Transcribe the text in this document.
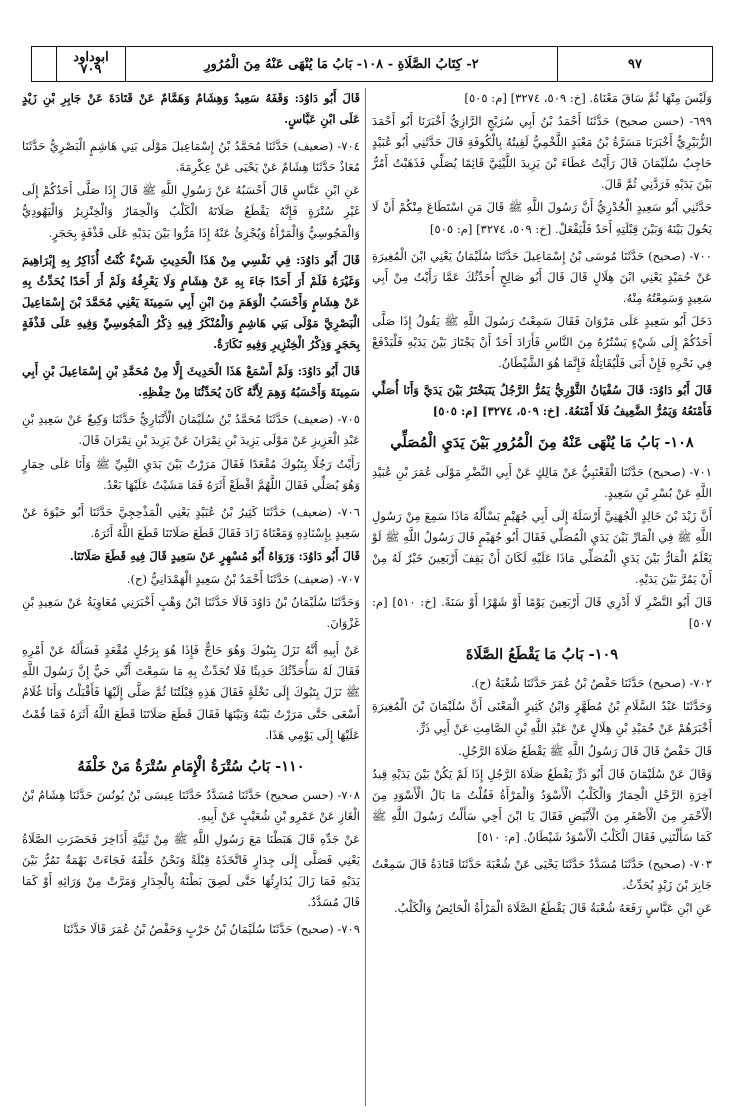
ابوداود
٧٠٩	٢- كِتَابُ الصَّلَاةِ - ١٠٨- بَابُ مَا يُنْهَى عَنْهُ مِنَ الْمُرُورِ	٩٧

وَلَيْسَ مِنْهَا ثُمَّ سَاقَ مَعْنَاهُ. [خ: ٥٠٩، ٣٢٧٤] [م: ٥٠٥]

٦٩٩- (حسن صحيح) حَدَّثَنَا أَحْمَدُ بْنُ أَبِي سُرَيْجٍ الرَّازِيُّ أَخْبَرَنَا أَبُو أَحْمَدَ الزُّبَيْرِيُّ أَخْبَرَنَا مَسَرَّةُ بْنُ مَعْبَدٍ اللَّخْمِيُّ لَقِيتُهُ بِالْكُوفَةِ قَالَ حَدَّثَنِي أَبُو عُبَيْدٍ حَاجِبُ سُلَيْمَانَ قَالَ رَأَيْتُ عَطَاءَ بْنَ يَزِيدَ اللَّيْثِيَّ قَائِمًا يُصَلِّي فَذَهَبْتُ أَمُرُّ بَيْنَ يَدَيْهِ فَرَدَّنِي ثُمَّ قَالَ.

حَدَّثَنِي أَبُو سَعِيدٍ الْخُدْرِيُّ أَنَّ رَسُولَ اللَّهِ ﷺ قَالَ مَنِ اسْتَطَاعَ مِنْكُمْ أَنْ لَا يَحُولَ بَيْنَهُ وَبَيْنَ قِبْلَتِهِ أَحَدٌ فَلْيَفْعَلْ. [خ: ٥٠٩، ٣٢٧٤] [م: ٥٠٥]

٧٠٠- (صحيح) حَدَّثَنَا مُوسَى بْنُ إِسْمَاعِيلَ حَدَّثَنَا سُلَيْمَانُ يَعْنِي ابْنَ الْمُغِيرَةِ عَنْ حُمَيْدٍ يَعْنِي ابْنَ هِلَالٍ قَالَ قَالَ أَبُو صَالِحٍ أُحَدِّثُكَ عَمَّا رَأَيْتُ مِنْ أَبِي سَعِيدٍ وَسَمِعْتُهُ مِنْهُ.

دَخَلَ أَبُو سَعِيدٍ عَلَى مَرْوَانَ فَقَالَ سَمِعْتُ رَسُولَ اللَّهِ ﷺ يَقُولُ إِذَا صَلَّى أَحَدُكُمْ إِلَى شَيْءٍ يَسْتُرُهُ مِنَ النَّاسِ فَأَرَادَ أَحَدٌ أَنْ يَجْتَازَ بَيْنَ يَدَيْهِ فَلْيَدْفَعْ فِي نَحْرِهِ فَإِنْ أَبَى فَلْيُقَاتِلْهُ فَإِنَّمَا هُوَ الشَّيْطَانُ.

قَالَ أَبُو دَاوُدَ: قَالَ سُفْيَانُ الثَّوْرِيُّ يَمُرُّ الرَّجُلُ يَتَبَخْتَرُ بَيْنَ يَدَيَّ وَأَنَا أُصَلِّي فَأَمْنَعُهُ وَيَمُرُّ الضَّعِيفُ فَلَا أَمْنَعُهُ. [خ: ٥٠٩، ٣٢٧٤] [م: ٥٠٥]

١٠٨- بَابُ مَا يُنْهَى عَنْهُ مِنَ الْمُرُورِ بَيْنَ يَدَيِ الْمُصَلِّي

٧٠١- (صحيح) حَدَّثَنَا الْقَعْنَبِيُّ عَنْ مَالِكٍ عَنْ أَبِي النَّضْرِ مَوْلَى عُمَرَ بْنِ عُبَيْدِ اللَّهِ عَنْ بُسْرِ بْنِ سَعِيدٍ.

أَنَّ زَيْدَ بْنَ خَالِدٍ الْجُهَنِيَّ أَرْسَلَهُ إِلَى أَبِي جُهَيْمٍ يَسْأَلُهُ مَاذَا سَمِعَ مِنْ رَسُولِ اللَّهِ ﷺ فِي الْمَارِّ بَيْنَ يَدَيِ الْمُصَلِّي فَقَالَ أَبُو جُهَيْمٍ قَالَ رَسُولُ اللَّهِ ﷺ لَوْ يَعْلَمُ الْمَارُّ بَيْنَ يَدَيِ الْمُصَلِّي مَاذَا عَلَيْهِ لَكَانَ أَنْ يَقِفَ أَرْبَعِينَ خَيْرٌ لَهُ مِنْ أَنْ يَمُرَّ بَيْنَ يَدَيْهِ.

قَالَ أَبُو النَّضْرِ لَا أَدْرِي قَالَ أَرْبَعِينَ يَوْمًا أَوْ شَهْرًا أَوْ سَنَةً. [خ: ٥١٠] [م: ٥٠٧]

١٠٩- بَابُ مَا يَقْطَعُ الصَّلَاةَ

٧٠٢- (صحيح) حَدَّثَنَا حَفْصُ بْنُ عُمَرَ حَدَّثَنَا شُعْبَةُ (ح).

وَحَدَّثَنَا عَبْدُ السَّلَامِ بْنُ مُطَهَّرٍ وَابْنُ كَثِيرٍ الْمَعْنَى أَنَّ سُلَيْمَانَ بْنَ الْمُغِيرَةِ أَخْبَرَهُمْ عَنْ حُمَيْدِ بْنِ هِلَالٍ عَنْ عَبْدِ اللَّهِ بْنِ الصَّامِتِ عَنْ أَبِي ذَرٍّ.

قَالَ حَفْصٌ قَالَ قَالَ رَسُولُ اللَّهِ ﷺ يَقْطَعُ صَلَاةَ الرَّجُلِ.

وَقَالَ عَنْ سُلَيْمَانَ قَالَ أَبُو ذَرٍّ يَقْطَعُ صَلَاةَ الرَّجُلِ إِذَا لَمْ يَكُنْ بَيْنَ يَدَيْهِ قِيدُ آخِرَةِ الرَّحْلِ الْحِمَارُ وَالْكَلْبُ الْأَسْوَدُ وَالْمَرْأَةُ فَقُلْتُ مَا بَالُ الْأَسْوَدِ مِنَ الْأَحْمَرِ مِنَ الْأَصْفَرِ مِنَ الْأَبْيَضِ فَقَالَ يَا ابْنَ أَخِي سَأَلْتُ رَسُولَ اللَّهِ ﷺ كَمَا سَأَلْتَنِي فَقَالَ الْكَلْبُ الْأَسْوَدُ شَيْطَانٌ. [م: ٥١٠]

٧٠٣- (صحيح) حَدَّثَنَا مُسَدَّدٌ حَدَّثَنَا يَحْيَى عَنْ شُعْبَةَ حَدَّثَنَا قَتَادَةُ قَالَ سَمِعْتُ جَابِرَ بْنَ زَيْدٍ يُحَدِّثُ.

عَنِ ابْنِ عَبَّاسٍ رَفَعَهُ شُعْبَةُ قَالَ يَقْطَعُ الصَّلَاةَ الْمَرْأَةُ الْحَائِضُ وَالْكَلْبُ.

قَالَ أَبُو دَاوُدَ: وَقَفَهُ سَعِيدٌ وَهِشَامٌ وَهَمَّامٌ عَنْ قَتَادَةَ عَنْ جَابِرِ بْنِ زَيْدٍ عَلَى ابْنِ عَبَّاسٍ.

٧٠٤- (ضعيف) حَدَّثَنَا مُحَمَّدُ بْنُ إِسْمَاعِيلَ مَوْلَى بَنِي هَاشِمٍ الْبَصْرِيُّ حَدَّثَنَا مُعَاذٌ حَدَّثَنَا هِشَامٌ عَنْ يَحْيَى عَنْ عِكْرِمَةَ.

عَنِ ابْنِ عَبَّاسٍ قَالَ أَحْسَبُهُ عَنْ رَسُولِ اللَّهِ ﷺ قَالَ إِذَا صَلَّى أَحَدُكُمْ إِلَى غَيْرِ سُتْرَةٍ فَإِنَّهُ يَقْطَعُ صَلَاتَهُ الْكَلْبُ وَالْحِمَارُ وَالْخِنْزِيرُ وَالْيَهُودِيُّ وَالْمَجُوسِيُّ وَالْمَرْأَةُ وَيُجْزِئُ عَنْهُ إِذَا مَرُّوا بَيْنَ يَدَيْهِ عَلَى قَذْفَةٍ بِحَجَرٍ.

قَالَ أَبُو دَاوُدَ: فِي نَفْسِي مِنْ هَذَا الْحَدِيثِ شَيْءٌ كُنْتُ أُذَاكِرُ بِهِ إِبْرَاهِيمَ وَغَيْرَهُ فَلَمْ أَرَ أَحَدًا جَاءَ بِهِ عَنْ هِشَامٍ وَلَا يَعْرِفُهُ وَلَمْ أَرَ أَحَدًا يُحَدِّثُ بِهِ عَنْ هِشَامٍ وَأَحْسَبُ الْوَهَمَ مِنَ ابْنِ أَبِي سَمِينَةَ يَعْنِي مُحَمَّدَ بْنَ إِسْمَاعِيلَ الْبَصْرِيَّ مَوْلَى بَنِي هَاشِمٍ وَالْمُنْكَرُ فِيهِ ذِكْرُ الْمَجُوسِيِّ وَفِيهِ عَلَى قَذْفَةٍ بِحَجَرٍ وَذِكْرُ الْخِنْزِيرِ وَفِيهِ نَكَارَةٌ.

قَالَ أَبُو دَاوُدَ: وَلَمْ أَسْمَعْ هَذَا الْحَدِيثَ إِلَّا مِنْ مُحَمَّدِ بْنِ إِسْمَاعِيلَ بْنِ أَبِي سَمِينَةَ وَأَحْسَبُهُ وَهِمَ لِأَنَّهُ كَانَ يُحَدِّثُنَا مِنْ حِفْظِهِ.

٧٠٥- (ضعيف) حَدَّثَنَا مُحَمَّدُ بْنُ سُلَيْمَانَ الْأَنْبَارِيُّ حَدَّثَنَا وَكِيعٌ عَنْ سَعِيدِ بْنِ عَبْدِ الْعَزِيزِ عَنْ مَوْلَى يَزِيدَ بْنِ نِمْرَانَ عَنْ يَزِيدَ بْنِ نِمْرَانَ قَالَ.

رَأَيْتُ رَجُلًا بِتَبُوكَ مُقْعَدًا فَقَالَ مَرَرْتُ بَيْنَ يَدَيِ النَّبِيِّ ﷺ وَأَنَا عَلَى حِمَارٍ وَهُوَ يُصَلِّي فَقَالَ اللَّهُمَّ اقْطَعْ أَثَرَهُ فَمَا مَشَيْتُ عَلَيْهَا بَعْدُ.

٧٠٦- (ضعيف) حَدَّثَنَا كَثِيرُ بْنُ عُبَيْدٍ يَعْنِي الْمَذْحِجِيَّ حَدَّثَنَا أَبُو حَيْوَةَ عَنْ سَعِيدٍ بِإِسْنَادِهِ وَمَعْنَاهُ زَادَ فَقَالَ قَطَعَ صَلَاتَنَا قَطَعَ اللَّهُ أَثَرَهُ.

قَالَ أَبُو دَاوُدَ: وَرَوَاهُ أَبُو مُسْهِرٍ عَنْ سَعِيدٍ قَالَ فِيهِ قَطَعَ صَلَاتَنَا.

٧٠٧- (ضعيف) حَدَّثَنَا أَحْمَدُ بْنُ سَعِيدٍ الْهَمْدَانِيُّ (ح).

وَحَدَّثَنَا سُلَيْمَانُ بْنُ دَاوُدَ قَالَا حَدَّثَنَا ابْنُ وَهْبٍ أَخْبَرَنِي مُعَاوِيَةُ عَنْ سَعِيدِ بْنِ غَزْوَانَ.

عَنْ أَبِيهِ أَنَّهُ نَزَلَ بِتَبُوكَ وَهُوَ حَاجٌّ فَإِذَا هُوَ بِرَجُلٍ مُقْعَدٍ فَسَأَلَهُ عَنْ أَمْرِهِ فَقَالَ لَهُ سَأُحَدِّثُكَ حَدِيثًا فَلَا تُحَدِّثْ بِهِ مَا سَمِعْتَ أَنِّي حَيٌّ إِنَّ رَسُولَ اللَّهِ ﷺ نَزَلَ بِتَبُوكَ إِلَى نَخْلَةٍ فَقَالَ هَذِهِ قِبْلَتُنَا ثُمَّ صَلَّى إِلَيْهَا فَأَقْبَلْتُ وَأَنَا غُلَامٌ أَسْعَى حَتَّى مَرَرْتُ بَيْنَهُ وَبَيْنَهَا فَقَالَ قَطَعَ صَلَاتَنَا قَطَعَ اللَّهُ أَثَرَهُ فَمَا قُمْتُ عَلَيْهَا إِلَى يَوْمِي هَذَا.

١١٠- بَابُ سُتْرَةُ الْإِمَامِ سُتْرَةُ مَنْ خَلْفَهُ

٧٠٨- (حسن صحيح) حَدَّثَنَا مُسَدَّدٌ حَدَّثَنَا عِيسَى بْنُ يُونُسَ حَدَّثَنَا هِشَامُ بْنُ الْغَازِ عَنْ عَمْرِو بْنِ شُعَيْبٍ عَنْ أَبِيهِ.

عَنْ جَدِّهِ قَالَ هَبَطْنَا مَعَ رَسُولِ اللَّهِ ﷺ مِنْ ثَنِيَّةِ أَذَاخِرَ فَحَضَرَتِ الصَّلَاةُ يَعْنِي فَصَلَّى إِلَى جِدَارٍ فَاتَّخَذَهُ قِبْلَةً وَنَحْنُ خَلْفَهُ فَجَاءَتْ بَهْمَةٌ تَمُرُّ بَيْنَ يَدَيْهِ فَمَا زَالَ يُدَارِئُهَا حَتَّى لَصِقَ بَطْنَهُ بِالْجِدَارِ وَمَرَّتْ مِنْ وَرَائِهِ أَوْ كَمَا قَالَ مُسَدَّدٌ.

٧٠٩- (صحيح) حَدَّثَنَا سُلَيْمَانُ بْنُ حَرْبٍ وَحَفْصُ بْنُ عُمَرَ قَالَا حَدَّثَنَا
